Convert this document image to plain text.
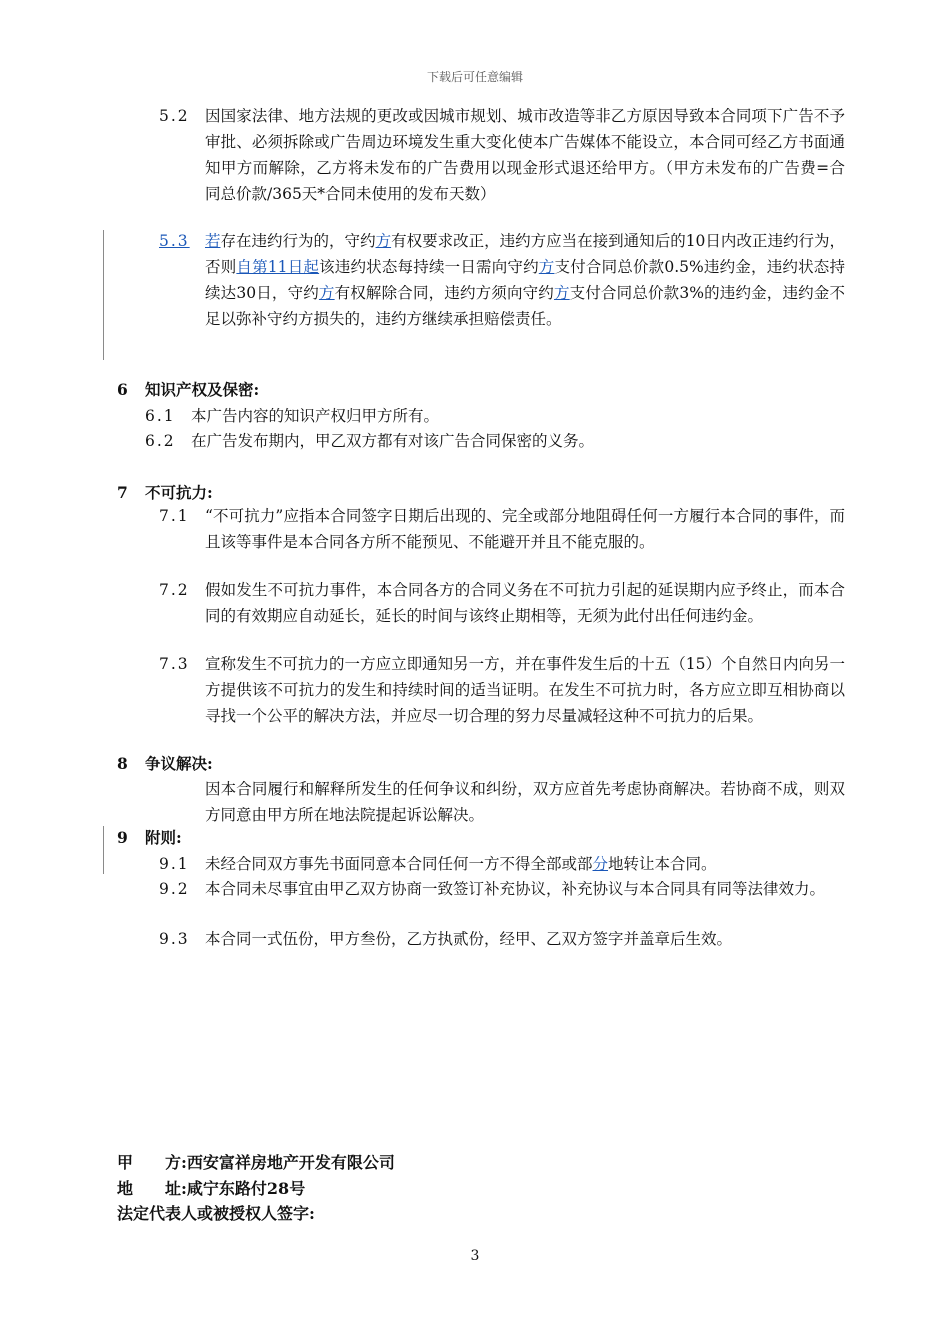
下载后可任意编辑
5.2 因国家法律、地方法规的更改或因城市规划、城市改造等非乙方原因导致本合同项下广告不予审批、必须拆除或广告周边环境发生重大变化使本广告媒体不能设立，本合同可经乙方书面通知甲方而解除，乙方将未发布的广告费用以现金形式退还给甲方。（甲方未发布的广告费=合同总价款/365天*合同未使用的发布天数）
5.3 若存在违约行为的，守约方有权要求改正，违约方应当在接到通知后的10日内改正违约行为，否则自第11日起该违约状态每持续一日需向守约方支付合同总价款0.5%违约金，违约状态持续达30日，守约方有权解除合同，违约方须向守约方支付合同总价款3%的违约金，违约金不足以弥补守约方损失的，违约方继续承担赔偿责任。
6 知识产权及保密:
6.1 本广告内容的知识产权归甲方所有。
6.2 在广告发布期内，甲乙双方都有对该广告合同保密的义务。
7 不可抗力:
7.1 “不可抗力”应指本合同签字日期后出现的、完全或部分地阻碍任何一方履行本合同的事件，而且该等事件是本合同各方所不能预见、不能避开并且不能克服的。
7.2 假如发生不可抗力事件，本合同各方的合同义务在不可抗力引起的延误期内应予终止，而本合同的有效期应自动延长，延长的时间与该终止期相等，无须为此付出任何违约金。
7.3 宣称发生不可抗力的一方应立即通知另一方，并在事件发生后的十五（15）个自然日内向另一方提供该不可抗力的发生和持续时间的适当证明。在发生不可抗力时，各方应立即互相协商以寻找一个公平的解决方法，并应尽一切合理的努力尽量减轻这种不可抗力的后果。
8 争议解决:
因本合同履行和解释所发生的任何争议和纠纷，双方应首先考虑协商解决。若协商不成，则双方同意由甲方所在地法院提起诉讼解决。
9 附则:
9.1 未经合同双方事先书面同意本合同任何一方不得全部或部分地转让本合同。
9.2 本合同未尽事宜由甲乙双方协商一致签订补充协议，补充协议与本合同具有同等法律效力。
9.3 本合同一式伍份，甲方叁份，乙方执贰份，经甲、乙双方签字并盖章后生效。
甲　　方:西安富祥房地产开发有限公司
地　　址:咸宁东路付28号
法定代表人或被授权人签字:
3
